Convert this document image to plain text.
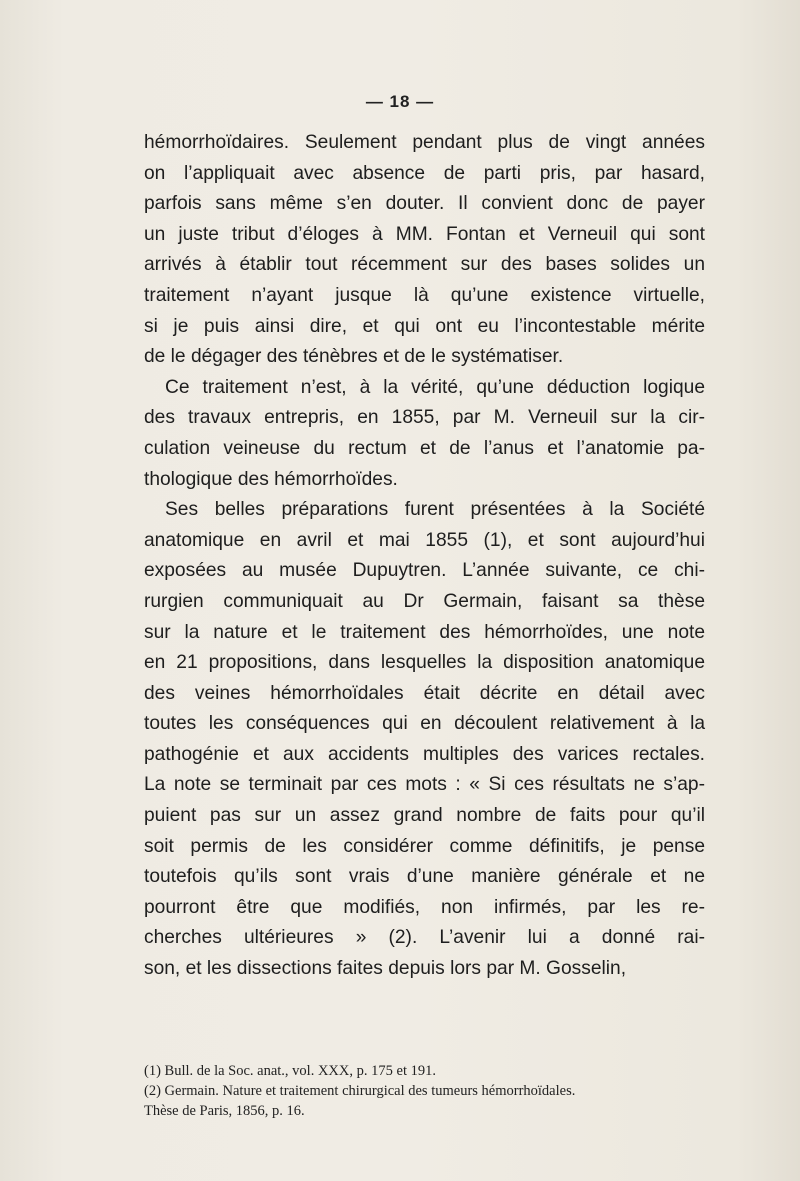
— 18 —
hémorrhoïdaires. Seulement pendant plus de vingt années
on l’appliquait avec absence de parti pris, par hasard,
parfois sans même s’en douter. Il convient donc de payer
un juste tribut d’éloges à MM. Fontan et Verneuil qui sont
arrivés à établir tout récemment sur des bases solides un
traitement n’ayant jusque là qu’une existence virtuelle,
si je puis ainsi dire, et qui ont eu l’incontestable mérite
de le dégager des ténèbres et de le systématiser.
Ce traitement n’est, à la vérité, qu’une déduction logique
des travaux entrepris, en 1855, par M. Verneuil sur la cir-
culation veineuse du rectum et de l’anus et l’anatomie pa-
thologique des hémorrhoïdes.
Ses belles préparations furent présentées à la Société
anatomique en avril et mai 1855 (1), et sont aujourd’hui
exposées au musée Dupuytren. L’année suivante, ce chi-
rurgien communiquait au Dr Germain, faisant sa thèse
sur la nature et le traitement des hémorrhoïdes, une note
en 21 propositions, dans lesquelles la disposition anatomique
des veines hémorrhoïdales était décrite en détail avec
toutes les conséquences qui en découlent relativement à la
pathogénie et aux accidents multiples des varices rectales.
La note se terminait par ces mots : « Si ces résultats ne s’ap-
puient pas sur un assez grand nombre de faits pour qu’il
soit permis de les considérer comme définitifs, je pense
toutefois qu’ils sont vrais d’une manière générale et ne
pourront être que modifiés, non infirmés, par les re-
cherches ultérieures » (2). L’avenir lui a donné rai-
son, et les dissections faites depuis lors par M. Gosselin,
(1) Bull. de la Soc. anat., vol. XXX, p. 175 et 191.
(2) Germain. Nature et traitement chirurgical des tumeurs hémorrhoïdales.
Thèse de Paris, 1856, p. 16.
